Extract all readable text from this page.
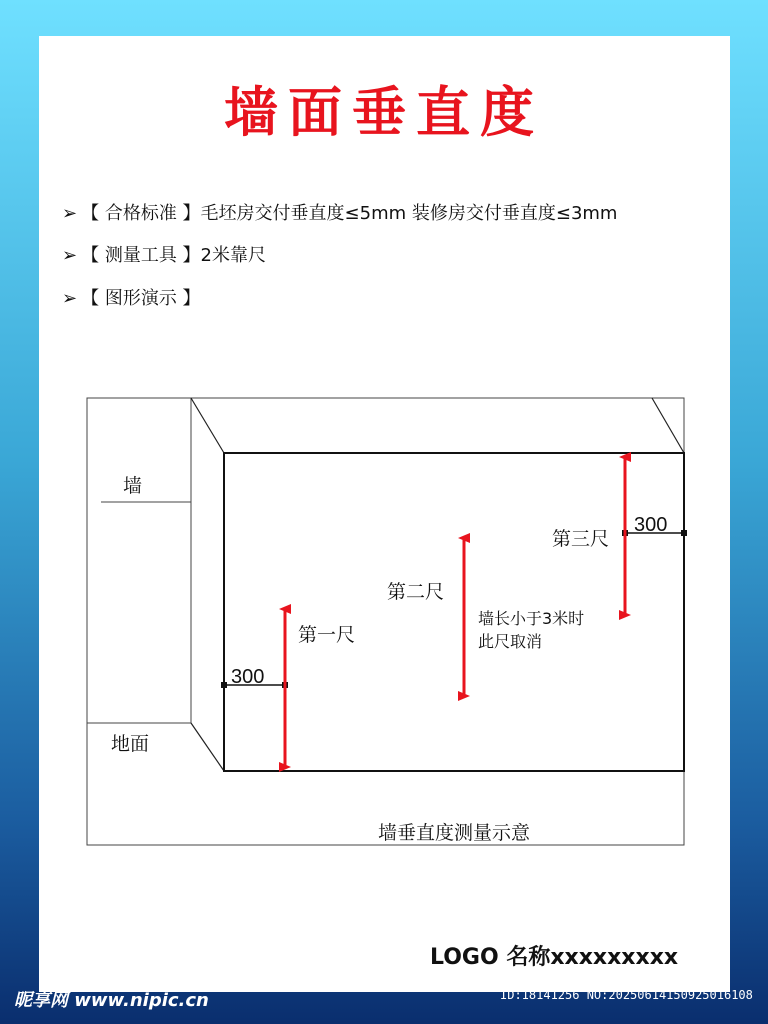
墙面垂直度
➢ 【 合格标准 】毛坯房交付垂直度≤5mm 装修房交付垂直度≤3mm
➢ 【 测量工具 】2米靠尺
➢ 【 图形演示 】
墙
地面
第一尺
第二尺
第三尺
300
300
墙长小于3米时
此尺取消
墙垂直度测量示意
LOGO 名称xxxxxxxxx
昵享网 www.nipic.cn	ID:18141256 NO:20250614150925016108
